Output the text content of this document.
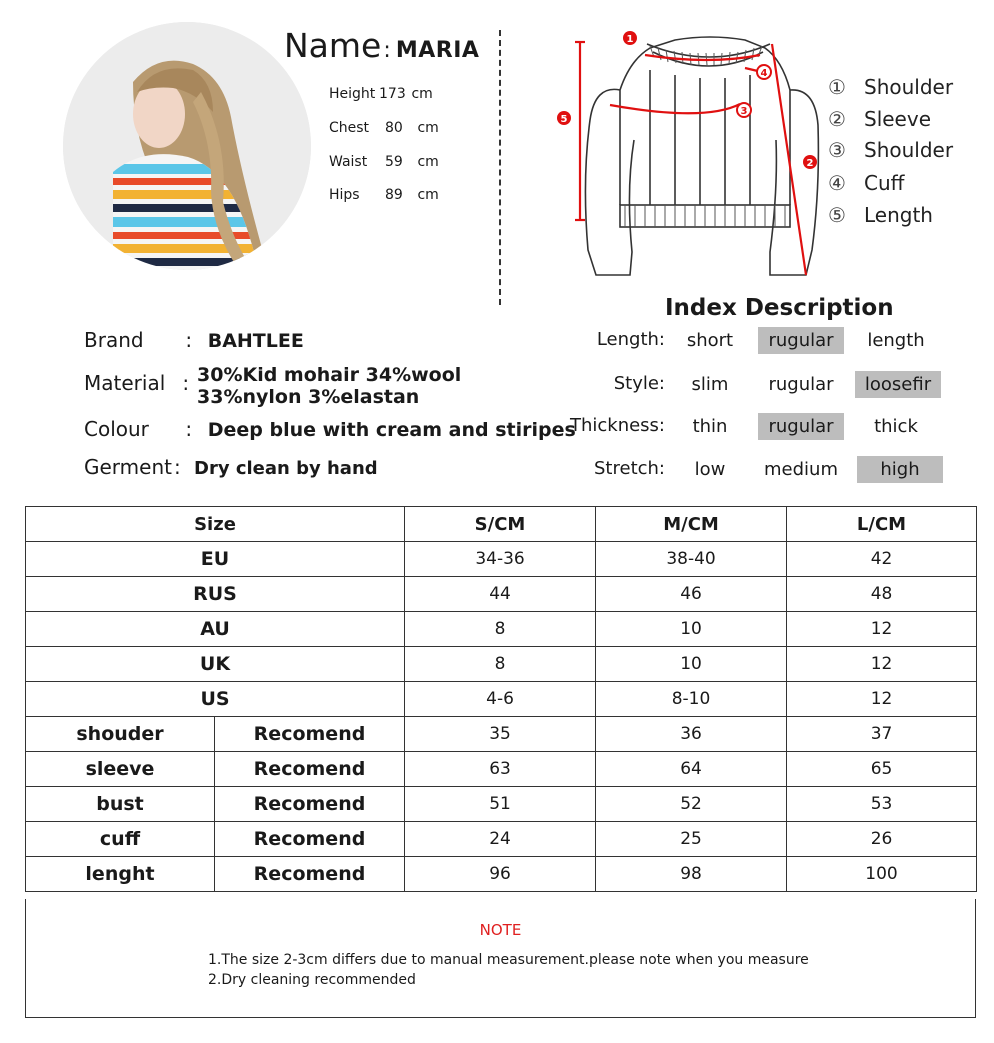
Name: MARIA
Height 173 cm
Chest 80 cm
Waist 59 cm
Hips 89 cm
1
2
3
4
5
① Shoulder
② Sleeve
③ Shoulder
④ Cuff
⑤ Length
Brand : BAHTLEE
Material : 30%Kid mohair 34%wool
33%nylon 3%elastan
Colour : Deep blue with cream and stiripes
Germent : Dry clean by hand
Index Description
Length:	short	rugular	length
Style:	slim	rugular	loosefir
Thickness:	thin	rugular	thick
Stretch:	low	medium	high
Size		S/CM	M/CM	L/CM
EU		34-36	38-40	42
RUS		44	46	48
AU		8	10	12
UK		8	10	12
US		4-6	8-10	12
shouder	Recomend	35	36	37
sleeve	Recomend	63	64	65
bust	Recomend	51	52	53
cuff	Recomend	24	25	26
lenght	Recomend	96	98	100
NOTE
1.The size 2-3cm differs due to manual measurement.please note when you measure
2.Dry cleaning recommended
